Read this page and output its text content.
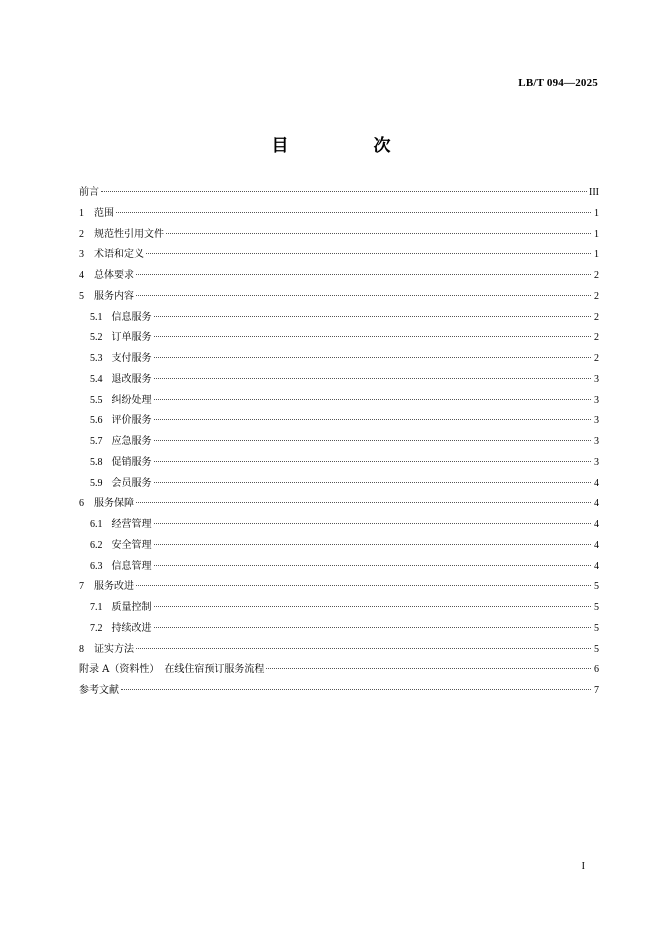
LB/T 094—2025
目　次
前言	III
1 范围	1
2 规范性引用文件	1
3 术语和定义	1
4 总体要求	2
5 服务内容	2
5.1 信息服务	2
5.2 订单服务	2
5.3 支付服务	2
5.4 退改服务	3
5.5 纠纷处理	3
5.6 评价服务	3
5.7 应急服务	3
5.8 促销服务	3
5.9 会员服务	4
6 服务保障	4
6.1 经营管理	4
6.2 安全管理	4
6.3 信息管理	4
7 服务改进	5
7.1 质量控制	5
7.2 持续改进	5
8 证实方法	5
附录 A（资料性）　在线住宿预订服务流程	6
参考文献	7
I
